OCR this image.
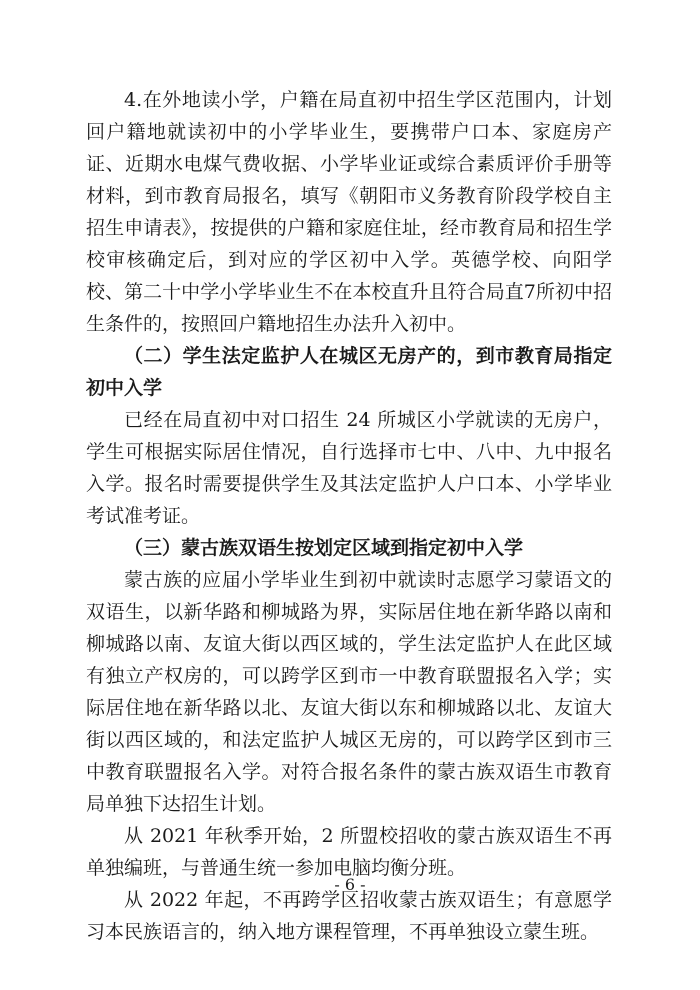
4.在外地读小学，户籍在局直初中招生学区范围内，计划回户籍地就读初中的小学毕业生，要携带户口本、家庭房产证、近期水电煤气费收据、小学毕业证或综合素质评价手册等材料，到市教育局报名，填写《朝阳市义务教育阶段学校自主招生申请表》，按提供的户籍和家庭住址，经市教育局和招生学校审核确定后，到对应的学区初中入学。英德学校、向阳学校、第二十中学小学毕业生不在本校直升且符合局直7所初中招生条件的，按照回户籍地招生办法升入初中。

（二）学生法定监护人在城区无房产的，到市教育局指定初中入学

已经在局直初中对口招生 24 所城区小学就读的无房户，学生可根据实际居住情况，自行选择市七中、八中、九中报名入学。报名时需要提供学生及其法定监护人户口本、小学毕业考试准考证。

（三）蒙古族双语生按划定区域到指定初中入学

蒙古族的应届小学毕业生到初中就读时志愿学习蒙语文的双语生，以新华路和柳城路为界，实际居住地在新华路以南和柳城路以南、友谊大街以西区域的，学生法定监护人在此区域有独立产权房的，可以跨学区到市一中教育联盟报名入学；实际居住地在新华路以北、友谊大街以东和柳城路以北、友谊大街以西区域的，和法定监护人城区无房的，可以跨学区到市三中教育联盟报名入学。对符合报名条件的蒙古族双语生市教育局单独下达招生计划。

从 2021 年秋季开始，2 所盟校招收的蒙古族双语生不再单独编班，与普通生统一参加电脑均衡分班。

从 2022 年起，不再跨学区招收蒙古族双语生；有意愿学习本民族语言的，纳入地方课程管理，不再单独设立蒙生班。

- 6 -
